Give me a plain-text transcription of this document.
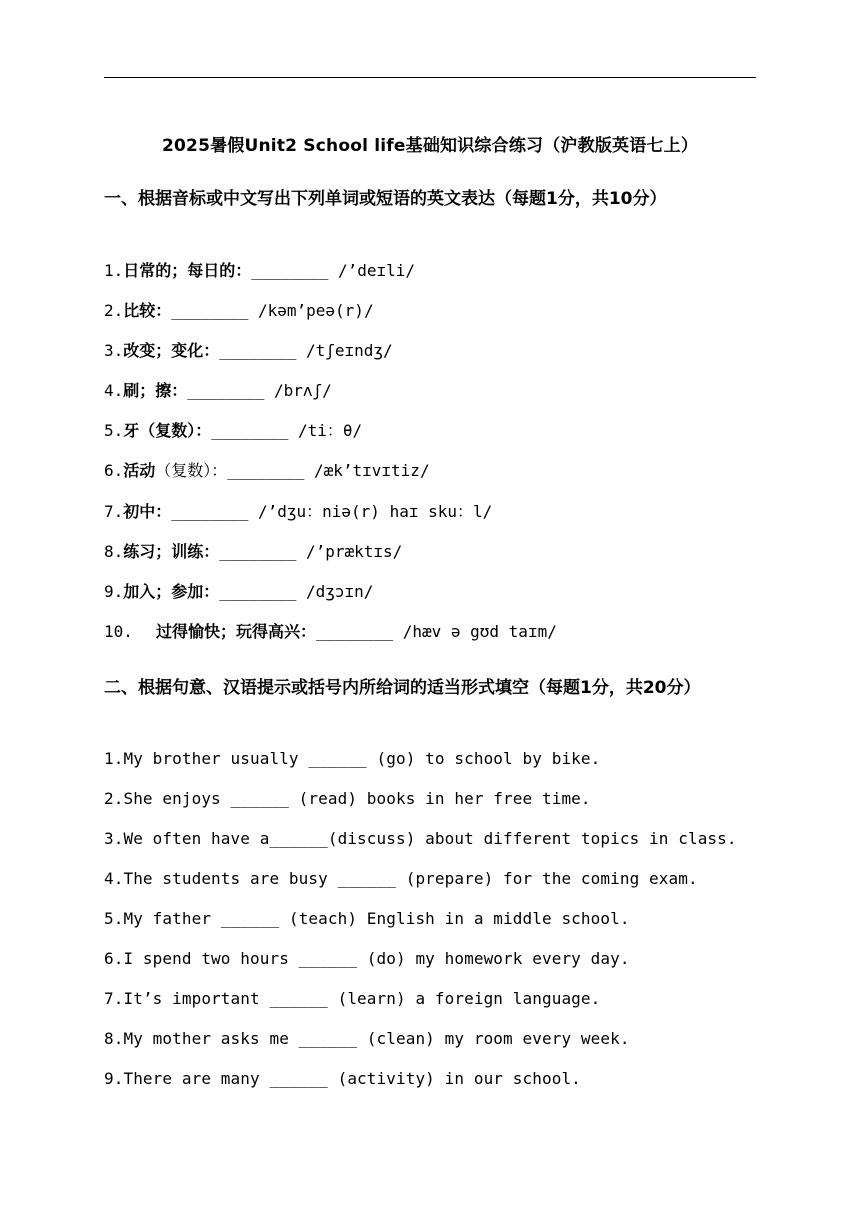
2025暑假Unit2 School life基础知识综合练习（沪教版英语七上）
一、根据音标或中文写出下列单词或短语的英文表达（每题1分，共10分）
1.日常的；每日的：________ /’deɪli/
2.比较：________ /kəm’peə(r)/
3.改变；变化：________ /tʃeɪndʒ/
4.刷；擦：________ /brʌʃ/
5.牙（复数）：________ /ti：θ/
6.活动（复数）：________ /æk’tɪvɪtiz/
7.初中：________ /’dʒu：niə(r) haɪ sku：l/
8.练习；训练：________ /’præktɪs/
9.加入；参加：________ /dʒɔɪn/
10. 过得愉快；玩得高兴：________ /hæv ə gʊd taɪm/
二、根据句意、汉语提示或括号内所给词的适当形式填空（每题1分，共20分）
1.My brother usually ______ (go) to school by bike.
2.She enjoys ______ (read) books in her free time.
3.We often have a______(discuss) about different topics in class.
4.The students are busy ______ (prepare) for the coming exam.
5.My father ______ (teach) English in a middle school.
6.I spend two hours ______ (do) my homework every day.
7.It’s important ______ (learn) a foreign language.
8.My mother asks me ______ (clean) my room every week.
9.There are many ______ (activity) in our school.
